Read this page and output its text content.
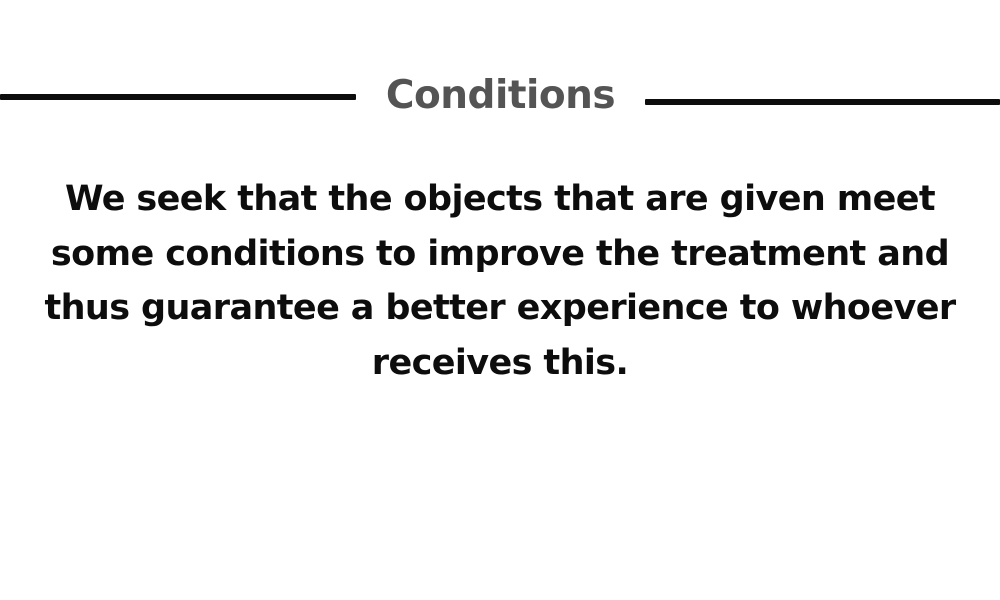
Conditions

We seek that the objects that are given meet some conditions to improve the treatment and thus guarantee a better experience to whoever receives this.
